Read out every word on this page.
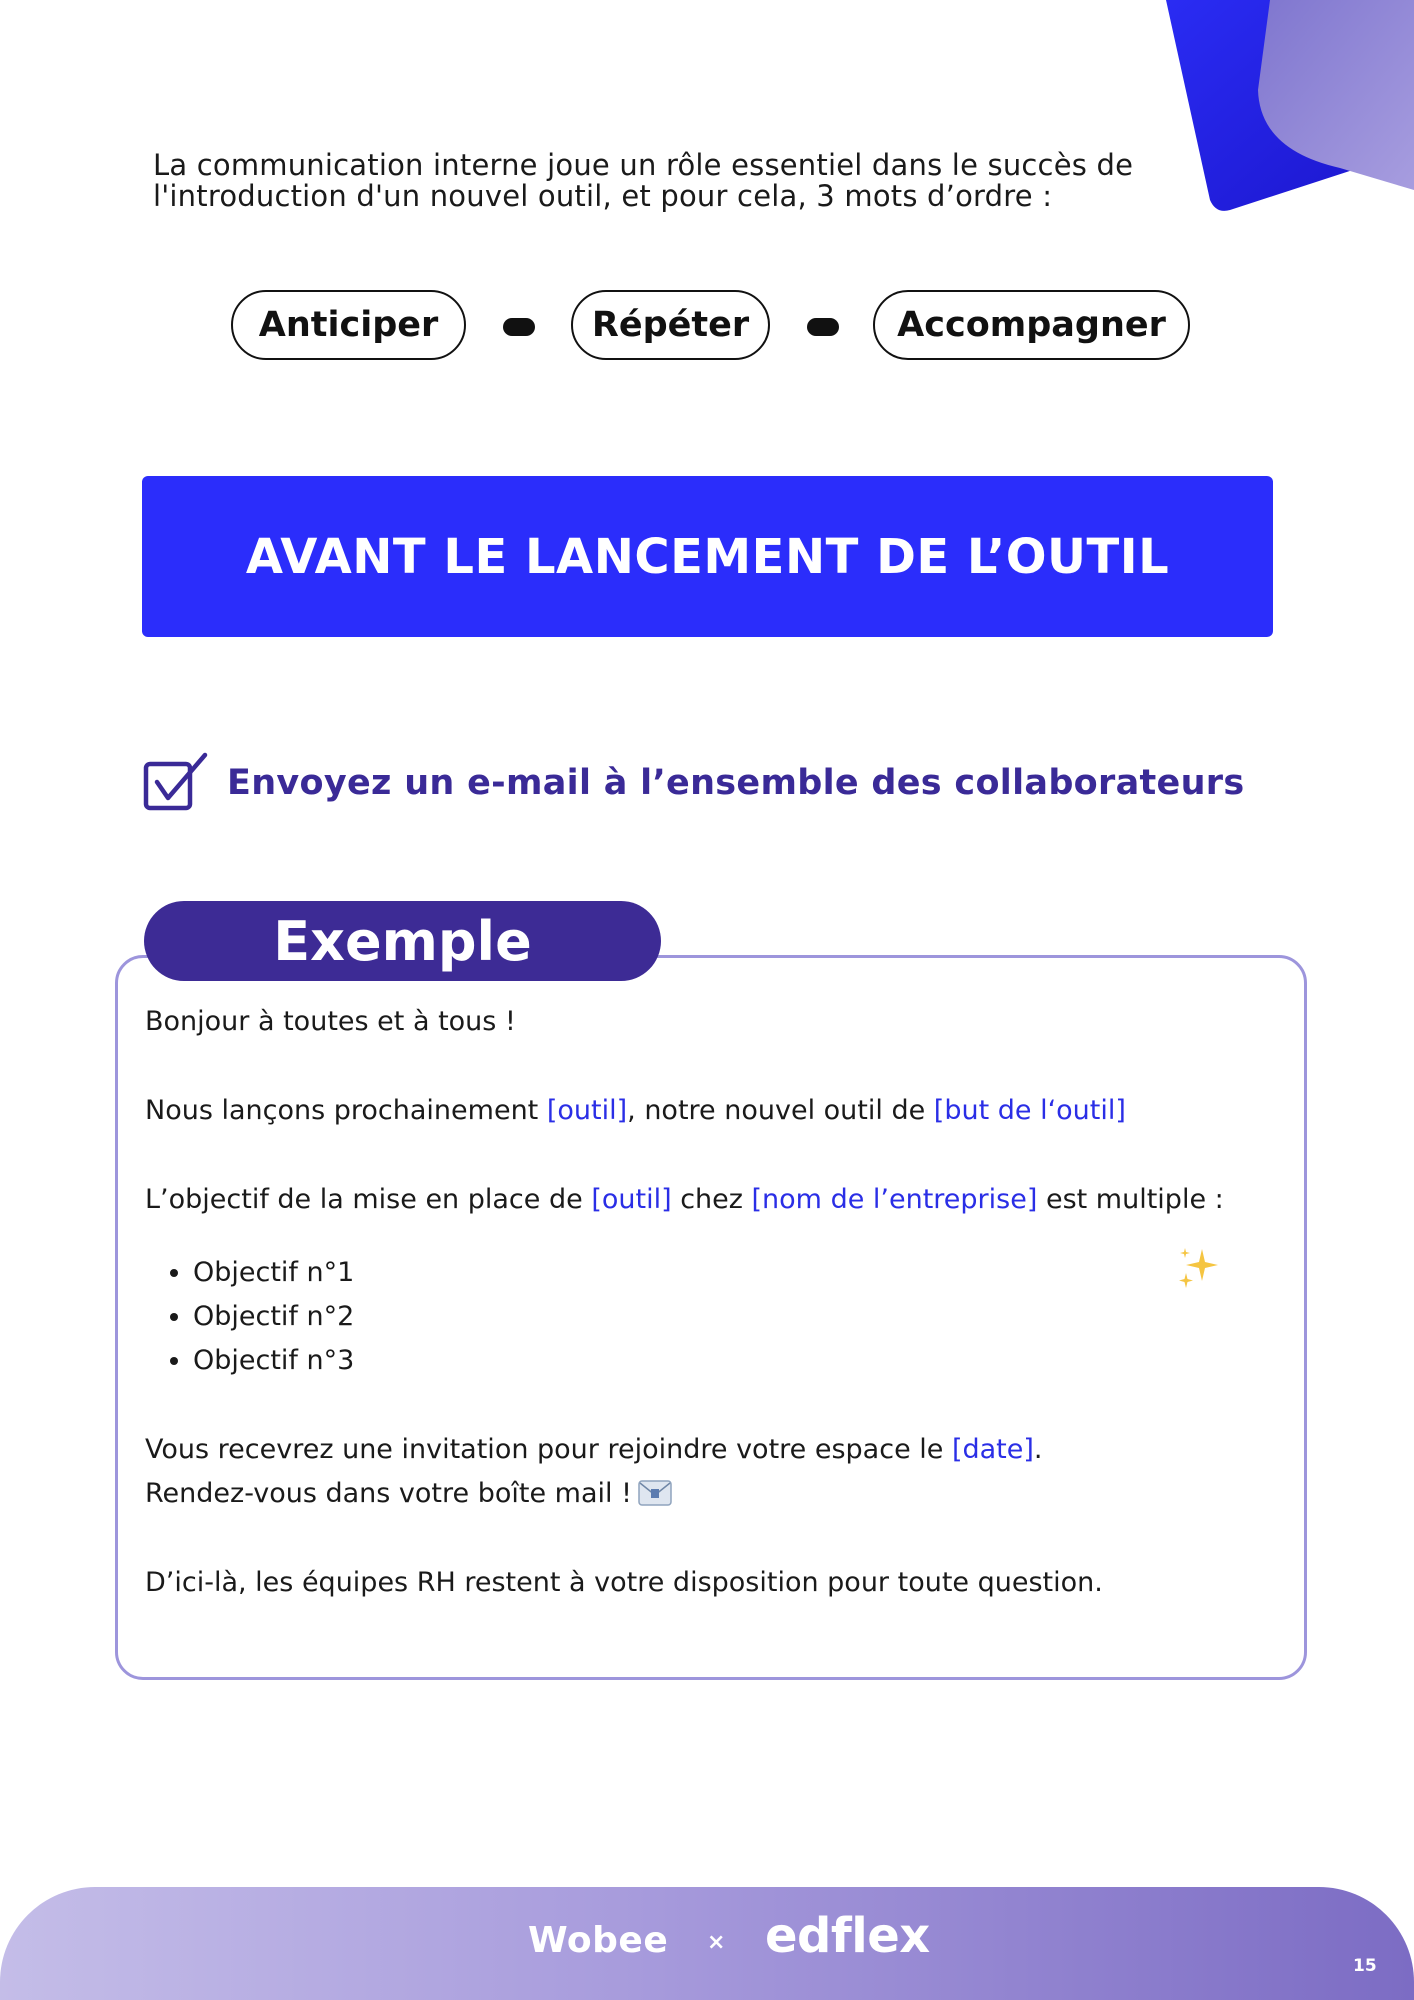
La communication interne joue un rôle essentiel dans le succès de
l'introduction d'un nouvel outil, et pour cela, 3 mots d’ordre :
Anticiper	Répéter	Accompagner
AVANT LE LANCEMENT DE L’OUTIL
Envoyez un e-mail à l’ensemble des collaborateurs
Exemple

Bonjour à toutes et à tous !

Nous lançons prochainement [outil], notre nouvel outil de [but de l‘outil]

L’objectif de la mise en place de [outil] chez [nom de l’entreprise] est multiple :

• Objectif n°1
• Objectif n°2
• Objectif n°3

Vous recevrez une invitation pour rejoindre votre espace le [date].

Rendez-vous dans votre boîte mail !

D’ici-là, les équipes RH restent à votre disposition pour toute question.

Wobee × edflex
15
